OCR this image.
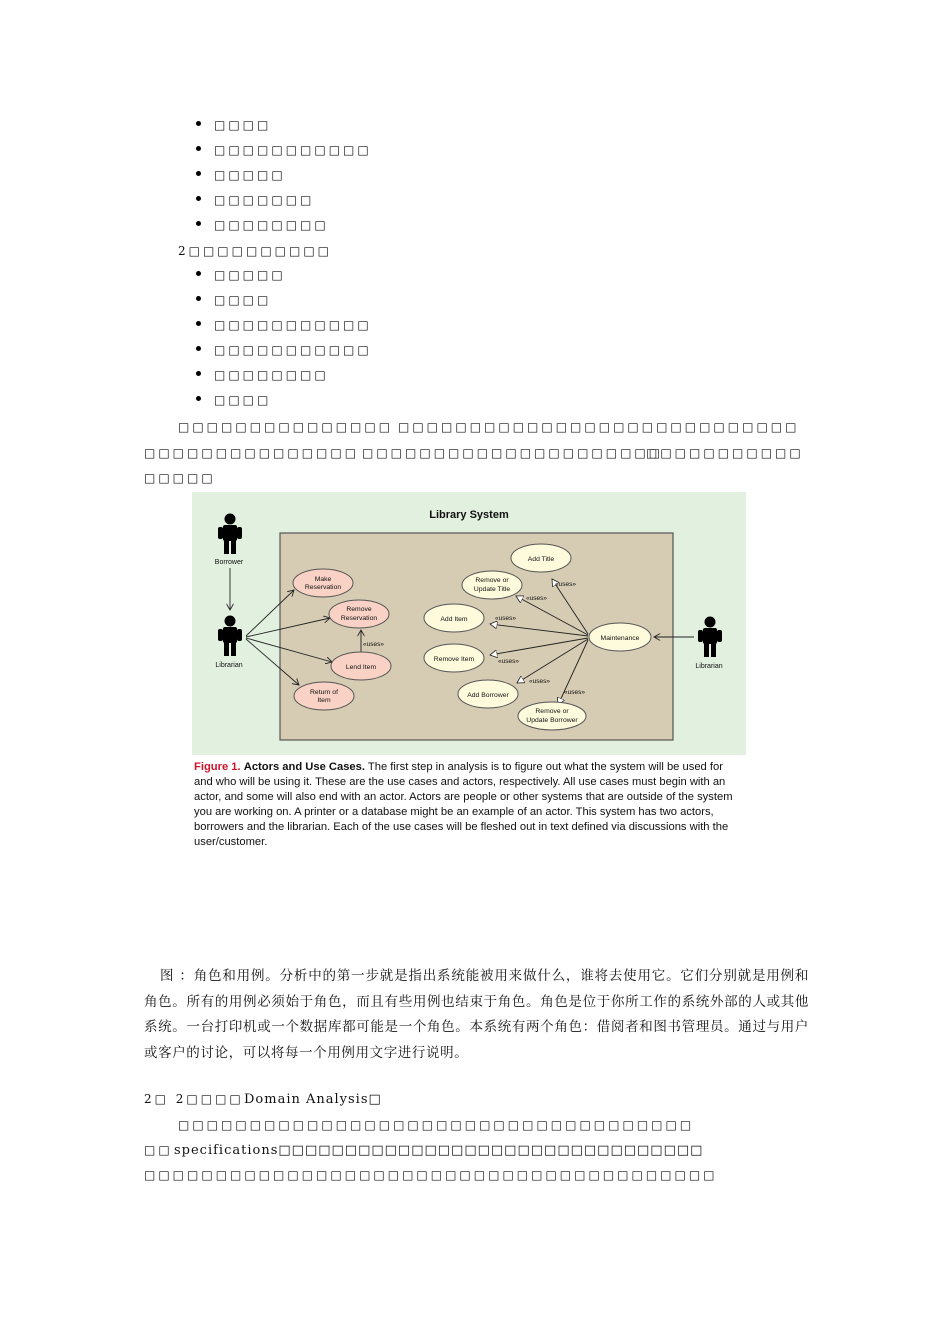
□□□□
□□□□□□□□□□□
□□□□□
□□□□□□□
□□□□□□□□
2□□□□□□□□□□
□□□□□
□□□□
□□□□□□□□□□□
□□□□□□□□□□□
□□□□□□□□
□□□□
□□□□□□□□□□□□□□□ □□□□□□□□□□□□□□□□□□□□□□□□□□□□
□□□□□□□□□□□□□□□ □□□□□□□□□□□□□□□□□□□□□
□□□□□□□□□□□
□□□□□
Library System
Borrower
Librarian	Librarian
«uses»
«uses»
«uses»
«uses»
«uses»
«uses»
«uses»
Make
Reservation
Remove
Reservation
Lend Item
Return of
Item
Add Title
Remove or
Update Title
Add Item
Remove Item
Add Borrower
Remove or
Update Borrower
Maintenance
Figure 1. Actors and Use Cases. The first step in analysis is to figure out what the system will be used for and who will be using it. These are the use cases and actors, respectively. All use cases must begin with an actor, and some will also end with an actor. Actors are people or other systems that are outside of the system you are working on. A printer or a database might be an example of an actor. This system has two actors, borrowers and the librarian. Each of the use cases will be fleshed out in text defined via discussions with the user/customer.
图 ：角色和用例。分析中的第一步就是指出系统能被用来做什么，谁将去使用它。它们分别就是用例和角色。所有的用例必须始于角色，而且有些用例也结束于角色。角色是位于你所工作的系统外部的人或其他系统。一台打印机或一个数据库都可能是一个角色。本系统有两个角色：借阅者和图书管理员。通过与用户或客户的讨论，可以将每一个用例用文字进行说明。
2□ 2□□□□ Domain Analysis□
□□□□□□□□□□□□□□□□□□□□□□□□□□□□□□□□□□□□
□□ specifications□□□□□□□□□□□□□□□□□□□□□□□□□□□□□□□□
□□□□□□□□□□□□□□□□□□□□□□□□□□□□□□□□□□□□□□□□
